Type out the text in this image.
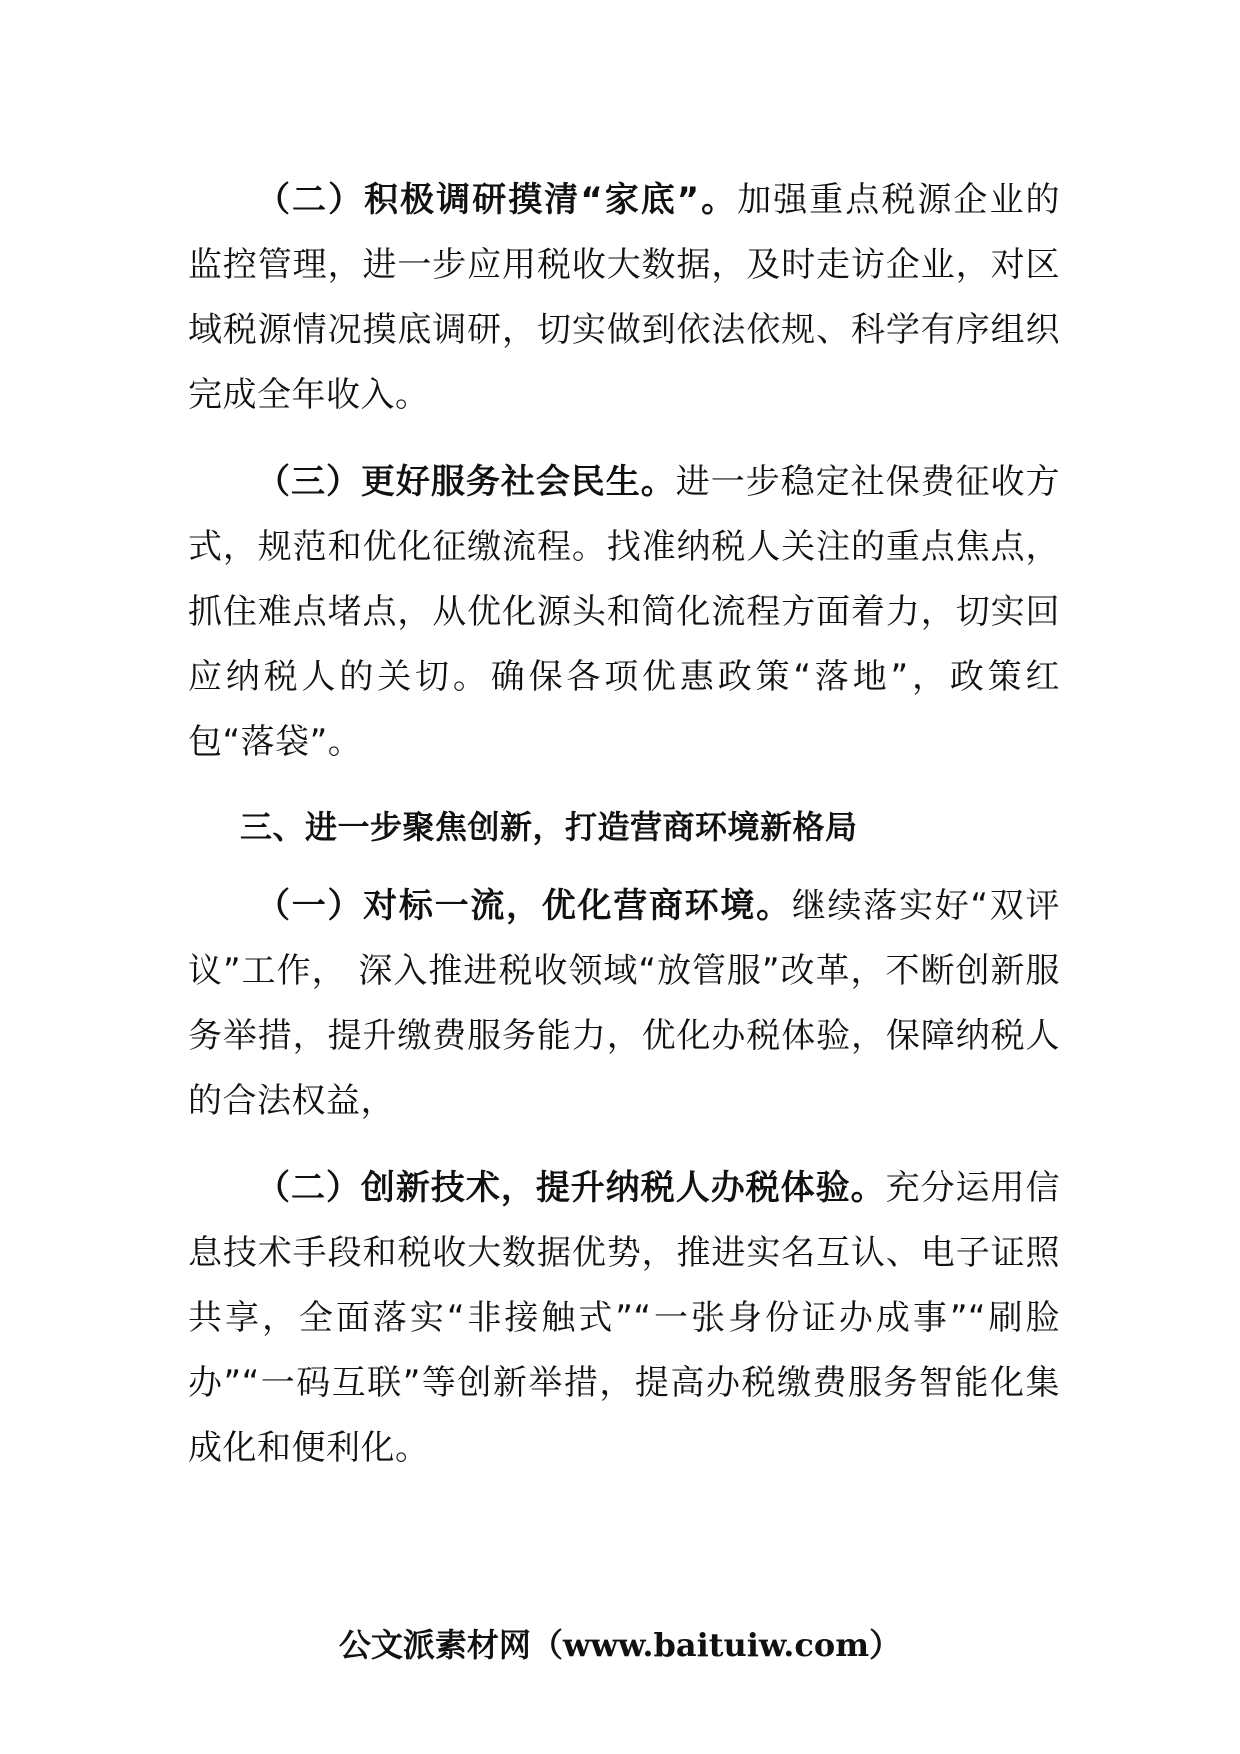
（二）积极调研摸清“家底”。加强重点税源企业的监控管理，进一步应用税收大数据，及时走访企业，对区域税源情况摸底调研，切实做到依法依规、科学有序组织完成全年收入。

（三）更好服务社会民生。进一步稳定社保费征收方式，规范和优化征缴流程。找准纳税人关注的重点焦点，抓住难点堵点，从优化源头和简化流程方面着力，切实回应纳税人的关切。确保各项优惠政策“落地”，政策红包“落袋”。

三、进一步聚焦创新，打造营商环境新格局

（一）对标一流，优化营商环境。继续落实好“双评议”工作， 深入推进税收领域“放管服”改革，不断创新服务举措，提升缴费服务能力，优化办税体验，保障纳税人的合法权益，

（二）创新技术，提升纳税人办税体验。充分运用信息技术手段和税收大数据优势，推进实名互认、电子证照共享，全面落实“非接触式”“一张身份证办成事”“刷脸办”“一码互联”等创新举措，提高办税缴费服务智能化集成化和便利化。

公文派素材网（www.baituiw.com）
